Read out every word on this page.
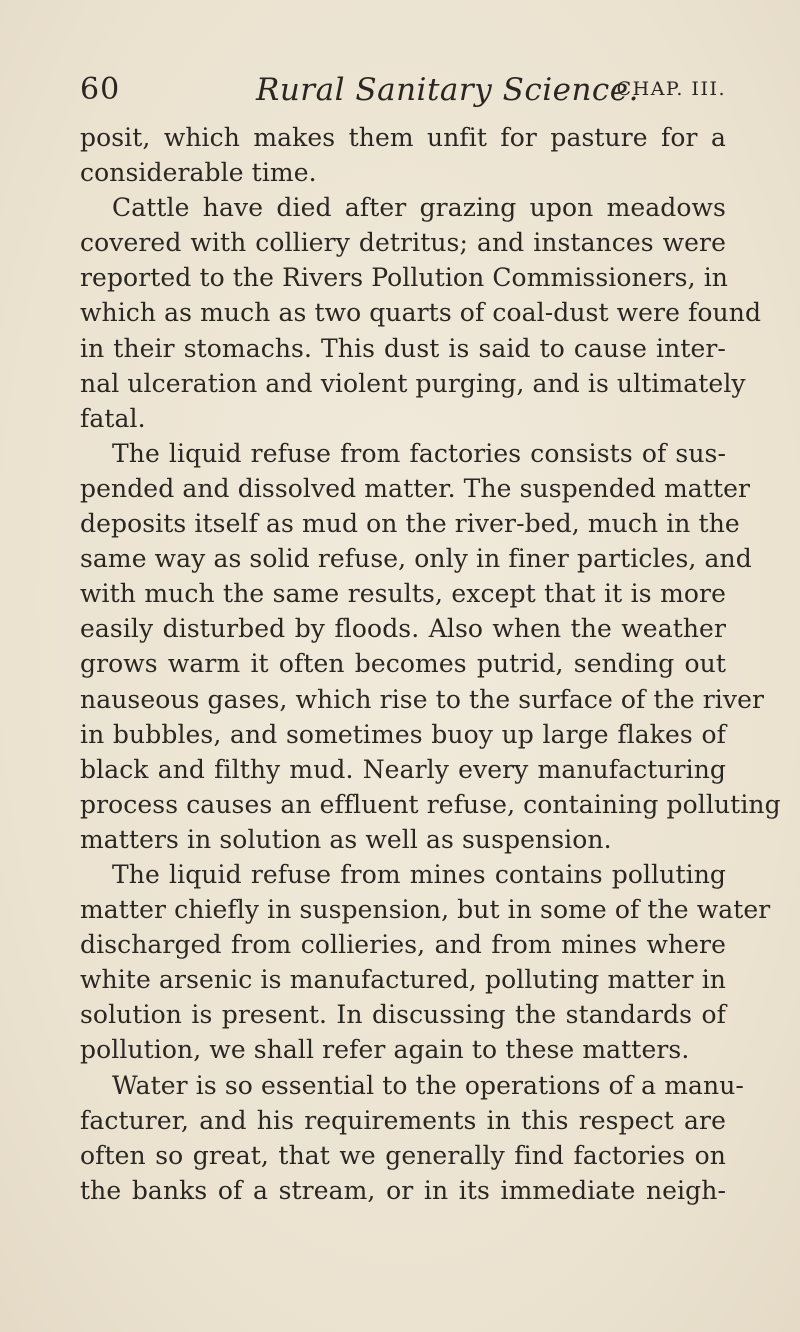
60	Rural Sanitary Science.
CHAP. III.
posit, which makes them unfit for pasture for a
considerable time.
Cattle have died after grazing upon meadows
covered with colliery detritus; and instances were
reported to the Rivers Pollution Commissioners, in
which as much as two quarts of coal-dust were found
in their stomachs. This dust is said to cause inter-
nal ulceration and violent purging, and is ultimately
fatal.
The liquid refuse from factories consists of sus-
pended and dissolved matter. The suspended matter
deposits itself as mud on the river-bed, much in the
same way as solid refuse, only in finer particles, and
with much the same results, except that it is more
easily disturbed by floods. Also when the weather
grows warm it often becomes putrid, sending out
nauseous gases, which rise to the surface of the river
in bubbles, and sometimes buoy up large flakes of
black and filthy mud. Nearly every manufacturing
process causes an effluent refuse, containing polluting
matters in solution as well as suspension.
The liquid refuse from mines contains polluting
matter chiefly in suspension, but in some of the water
discharged from collieries, and from mines where
white arsenic is manufactured, polluting matter in
solution is present. In discussing the standards of
pollution, we shall refer again to these matters.
Water is so essential to the operations of a manu-
facturer, and his requirements in this respect are
often so great, that we generally find factories on
the banks of a stream, or in its immediate neigh-
